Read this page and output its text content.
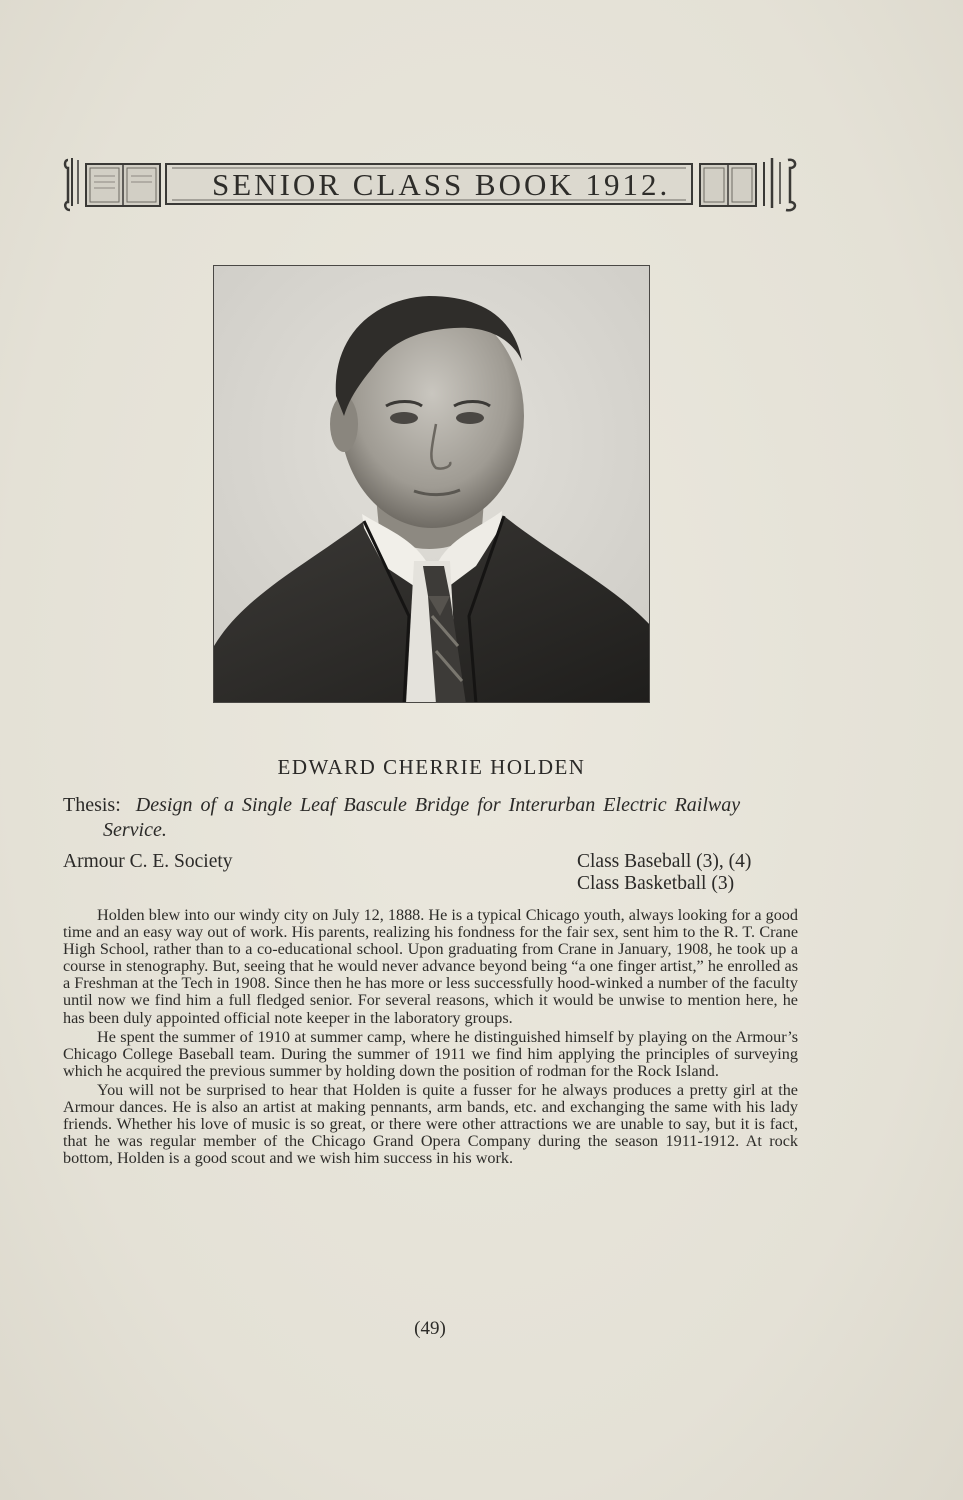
SENIOR CLASS BOOK 1912.
EDWARD CHERRIE HOLDEN
Thesis: Design of a Single Leaf Bascule Bridge for Interurban Electric Railway
Service.
Armour C. E. Society	Class Baseball (3), (4)
Class Basketball (3)

Holden blew into our windy city on July 12, 1888. He is a typical Chicago youth, always looking for a good time and an easy way out of work. His parents, realizing his fondness for the fair sex, sent him to the R. T. Crane High School, rather than to a co-educational school. Upon graduating from Crane in January, 1908, he took up a course in stenography. But, seeing that he would never advance beyond being “a one finger artist,” he enrolled as a Freshman at the Tech in 1908. Since then he has more or less successfully hood-winked a number of the faculty until now we find him a full fledged senior. For several reasons, which it would be unwise to mention here, he has been duly appointed official note keeper in the laboratory groups.

He spent the summer of 1910 at summer camp, where he distinguished himself by playing on the Armour’s Chicago College Baseball team. During the summer of 1911 we find him applying the principles of surveying which he acquired the previous summer by holding down the position of rodman for the Rock Island.

You will not be surprised to hear that Holden is quite a fusser for he always produces a pretty girl at the Armour dances. He is also an artist at making pennants, arm bands, etc. and exchanging the same with his lady friends. Whether his love of music is so great, or there were other attractions we are unable to say, but it is fact, that he was regular member of the Chicago Grand Opera Company during the season 1911-1912. At rock bottom, Holden is a good scout and we wish him success in his work.

(49)
